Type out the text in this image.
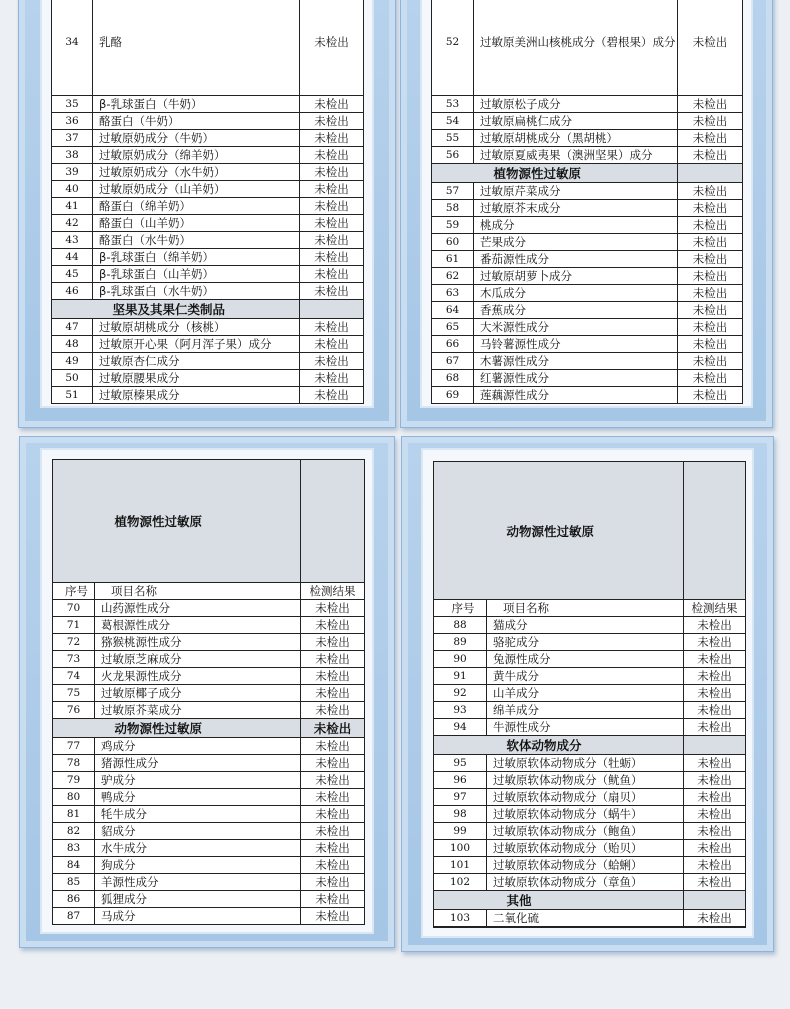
34	乳酪	未检出
35	β-乳球蛋白（牛奶）	未检出
36	酪蛋白（牛奶）	未检出
37	过敏原奶成分（牛奶）	未检出
38	过敏原奶成分（绵羊奶）	未检出
39	过敏原奶成分（水牛奶）	未检出
40	过敏原奶成分（山羊奶）	未检出
41	酪蛋白（绵羊奶）	未检出
42	酪蛋白（山羊奶）	未检出
43	酪蛋白（水牛奶）	未检出
44	β-乳球蛋白（绵羊奶）	未检出
45	β-乳球蛋白（山羊奶）	未检出
46	β-乳球蛋白（水牛奶）	未检出
	坚果及其果仁类制品	
47	过敏原胡桃成分（核桃）	未检出
48	过敏原开心果（阿月浑子果）成分	未检出
49	过敏原杏仁成分	未检出
50	过敏原腰果成分	未检出
51	过敏原榛果成分	未检出
52	过敏原美洲山核桃成分（碧根果）成分	未检出
53	过敏原松子成分	未检出
54	过敏原扁桃仁成分	未检出
55	过敏原胡桃成分（黑胡桃）	未检出
56	过敏原夏威夷果（澳洲坚果）成分	未检出
	植物源性过敏原	
57	过敏原芹菜成分	未检出
58	过敏原芥末成分	未检出
59	桃成分	未检出
60	芒果成分	未检出
61	番茄源性成分	未检出
62	过敏原胡萝卜成分	未检出
63	木瓜成分	未检出
64	香蕉成分	未检出
65	大米源性成分	未检出
66	马铃薯源性成分	未检出
67	木薯源性成分	未检出
68	红薯源性成分	未检出
69	莲藕源性成分	未检出
	植物源性过敏原	
序号	项目名称	检测结果
70	山药源性成分	未检出
71	葛根源性成分	未检出
72	猕猴桃源性成分	未检出
73	过敏原芝麻成分	未检出
74	火龙果源性成分	未检出
75	过敏原椰子成分	未检出
76	过敏原芥菜成分	未检出
	动物源性过敏原	未检出
77	鸡成分	未检出
78	猪源性成分	未检出
79	驴成分	未检出
80	鸭成分	未检出
81	牦牛成分	未检出
82	貂成分	未检出
83	水牛成分	未检出
84	狗成分	未检出
85	羊源性成分	未检出
86	狐狸成分	未检出
87	马成分	未检出
	动物源性过敏原	
序号	项目名称	检测结果
88	猫成分	未检出
89	骆驼成分	未检出
90	兔源性成分	未检出
91	黄牛成分	未检出
92	山羊成分	未检出
93	绵羊成分	未检出
94	牛源性成分	未检出
	软体动物成分	
95	过敏原软体动物成分（牡蛎）	未检出
96	过敏原软体动物成分（鱿鱼）	未检出
97	过敏原软体动物成分（扇贝）	未检出
98	过敏原软体动物成分（蜗牛）	未检出
99	过敏原软体动物成分（鲍鱼）	未检出
100	过敏原软体动物成分（贻贝）	未检出
101	过敏原软体动物成分（蛤蜊）	未检出
102	过敏原软体动物成分（章鱼）	未检出
	其他	
103	二氧化硫	未检出
